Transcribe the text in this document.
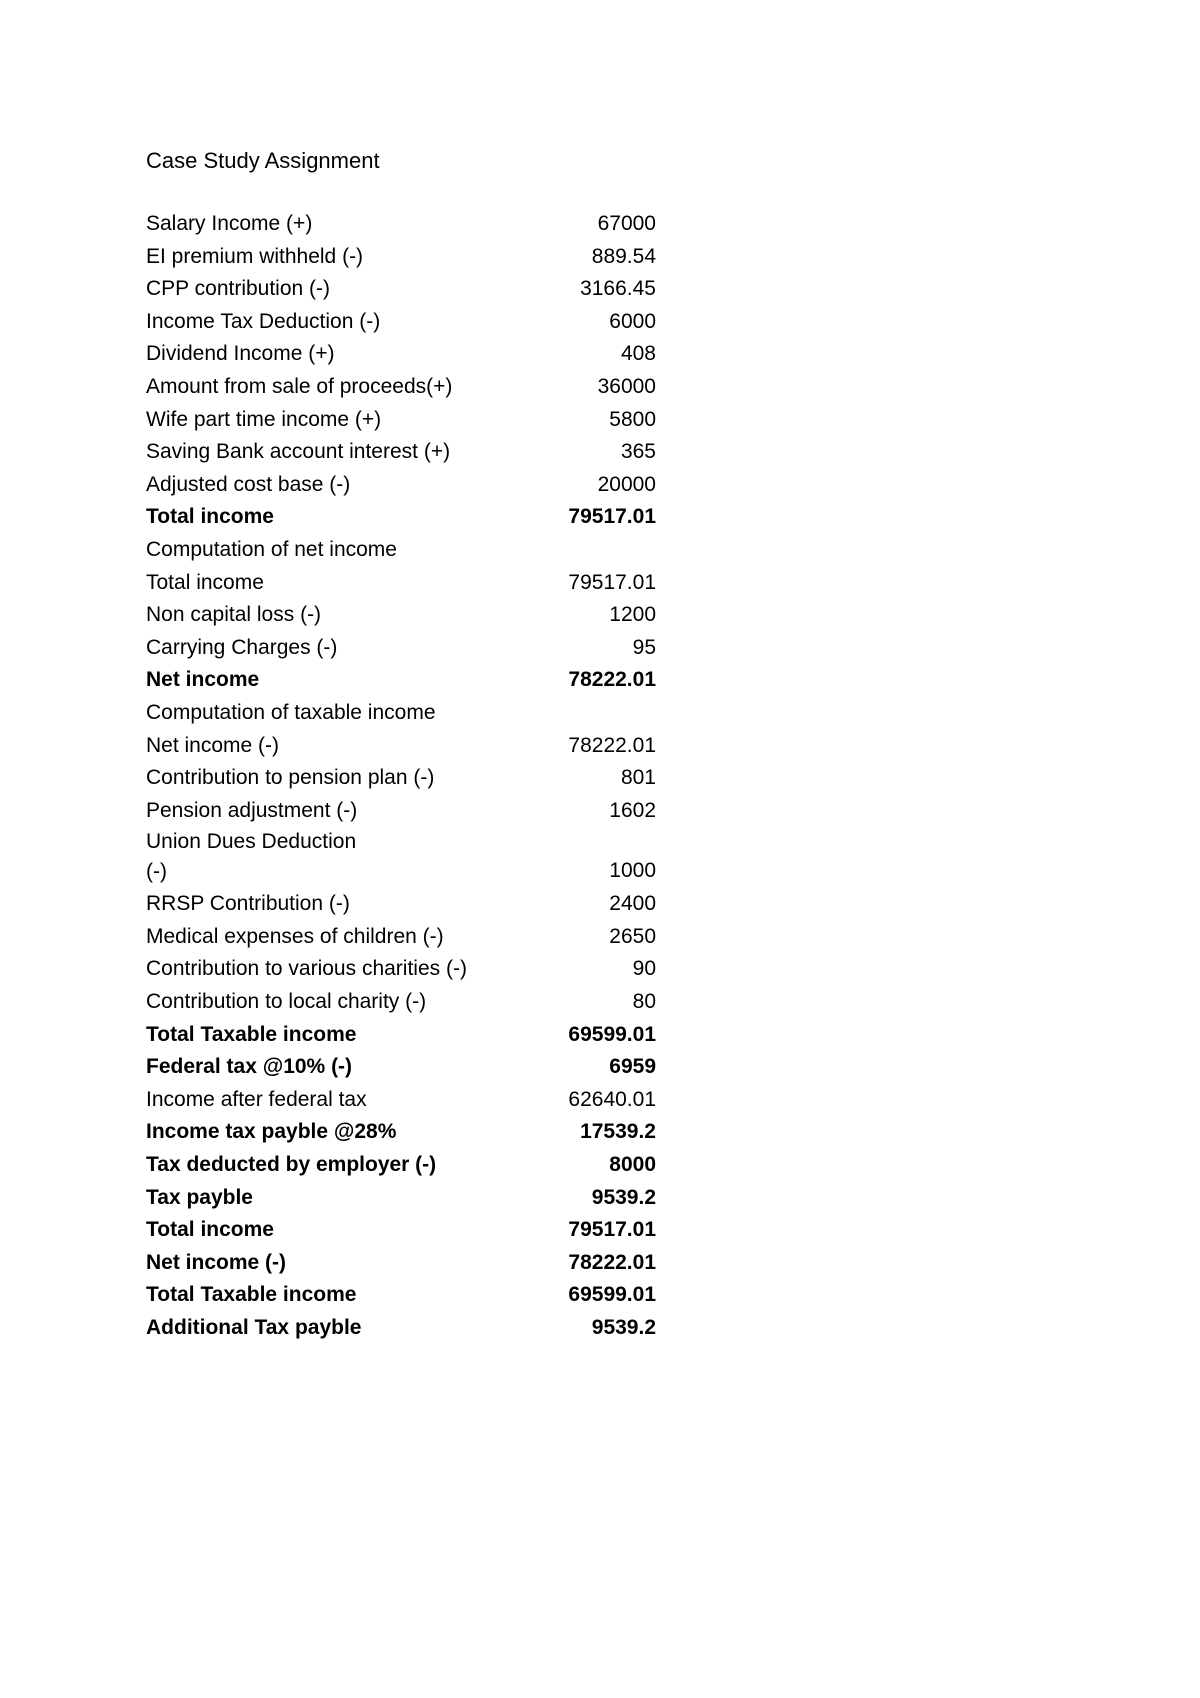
Case Study Assignment
Salary Income (+)	67000
EI premium withheld (-)	889.54
CPP contribution (-)	3166.45
Income Tax Deduction (-)	6000
Dividend Income (+)	408
Amount from sale of proceeds(+)	36000
Wife part time income (+)	5800
Saving Bank account interest (+)	365
Adjusted cost base (-)	20000
Total income	79517.01
Computation of net income
Total income	79517.01
Non capital loss (-)	1200
Carrying Charges (-)	95
Net income	78222.01
Computation of taxable income
Net income (-)	78222.01
Contribution to pension plan (-)	801
Pension adjustment (-)	1602
Union Dues Deduction
(-)	1000
RRSP Contribution (-)	2400
Medical expenses of children (-)	2650
Contribution to various charities (-)	90
Contribution to local charity (-)	80
Total Taxable income	69599.01
Federal tax @10% (-)	6959
Income after federal tax	62640.01
Income tax payble @28%	17539.2
Tax deducted by employer (-)	8000
Tax payble	9539.2
Total income	79517.01
Net income (-)	78222.01
Total Taxable income	69599.01
Additional Tax payble	9539.2
